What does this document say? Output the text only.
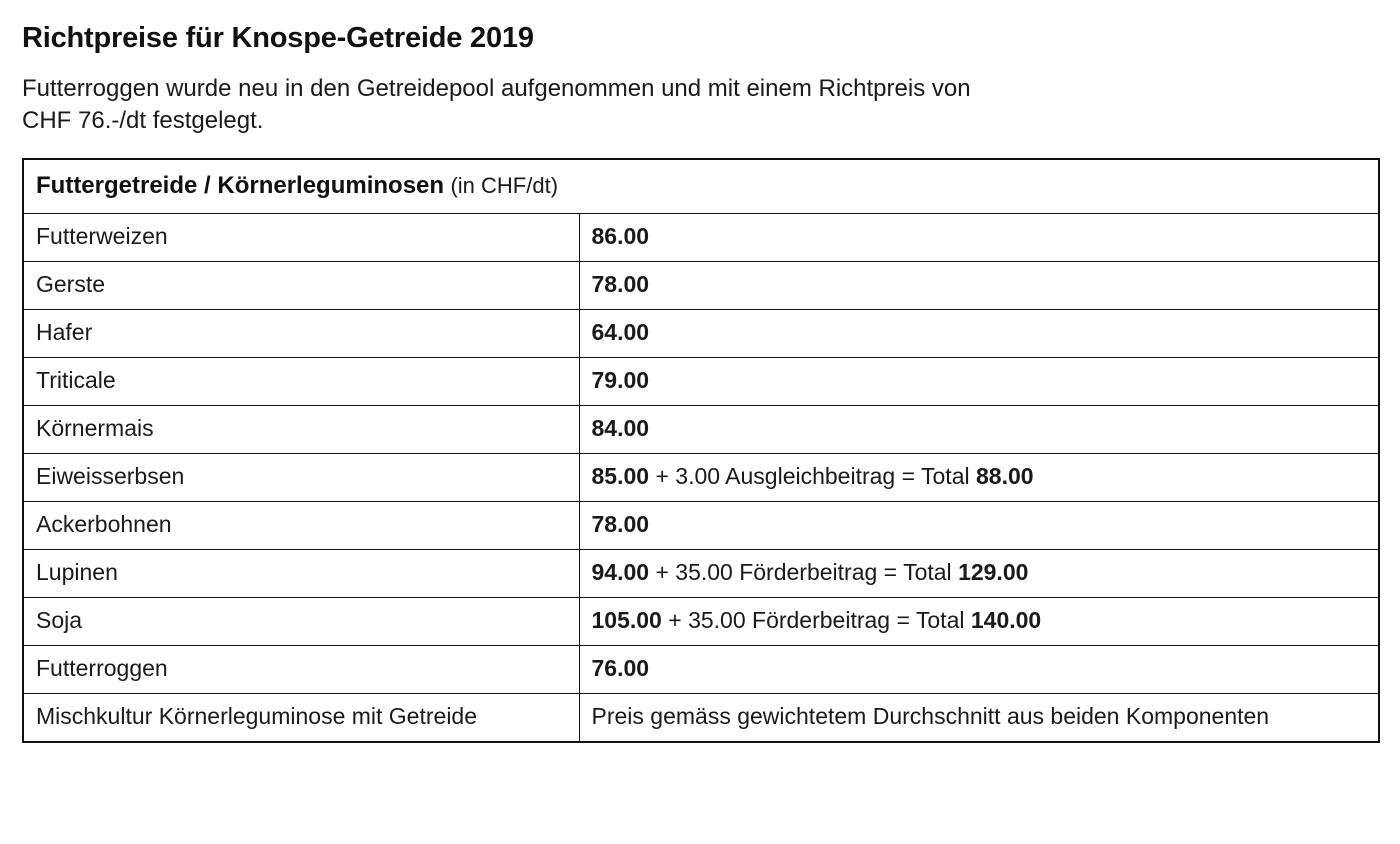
Richtpreise für Knospe-Getreide 2019

Futterroggen wurde neu in den Getreidepool aufgenommen und mit einem Richtpreis von
CHF 76.-/dt festgelegt.

Futtergetreide / Körnerleguminosen (in CHF/dt)	
Futterweizen	86.00
Gerste	78.00
Hafer	64.00
Triticale	79.00
Körnermais	84.00
Eiweisserbsen	85.00 + 3.00 Ausgleichbeitrag = Total 88.00
Ackerbohnen	78.00
Lupinen	94.00 + 35.00 Förderbeitrag = Total 129.00
Soja	105.00 + 35.00 Förderbeitrag = Total 140.00
Futterroggen	76.00
Mischkultur Körnerleguminose mit Getreide	Preis gemäss gewichtetem Durchschnitt aus beiden Komponenten
